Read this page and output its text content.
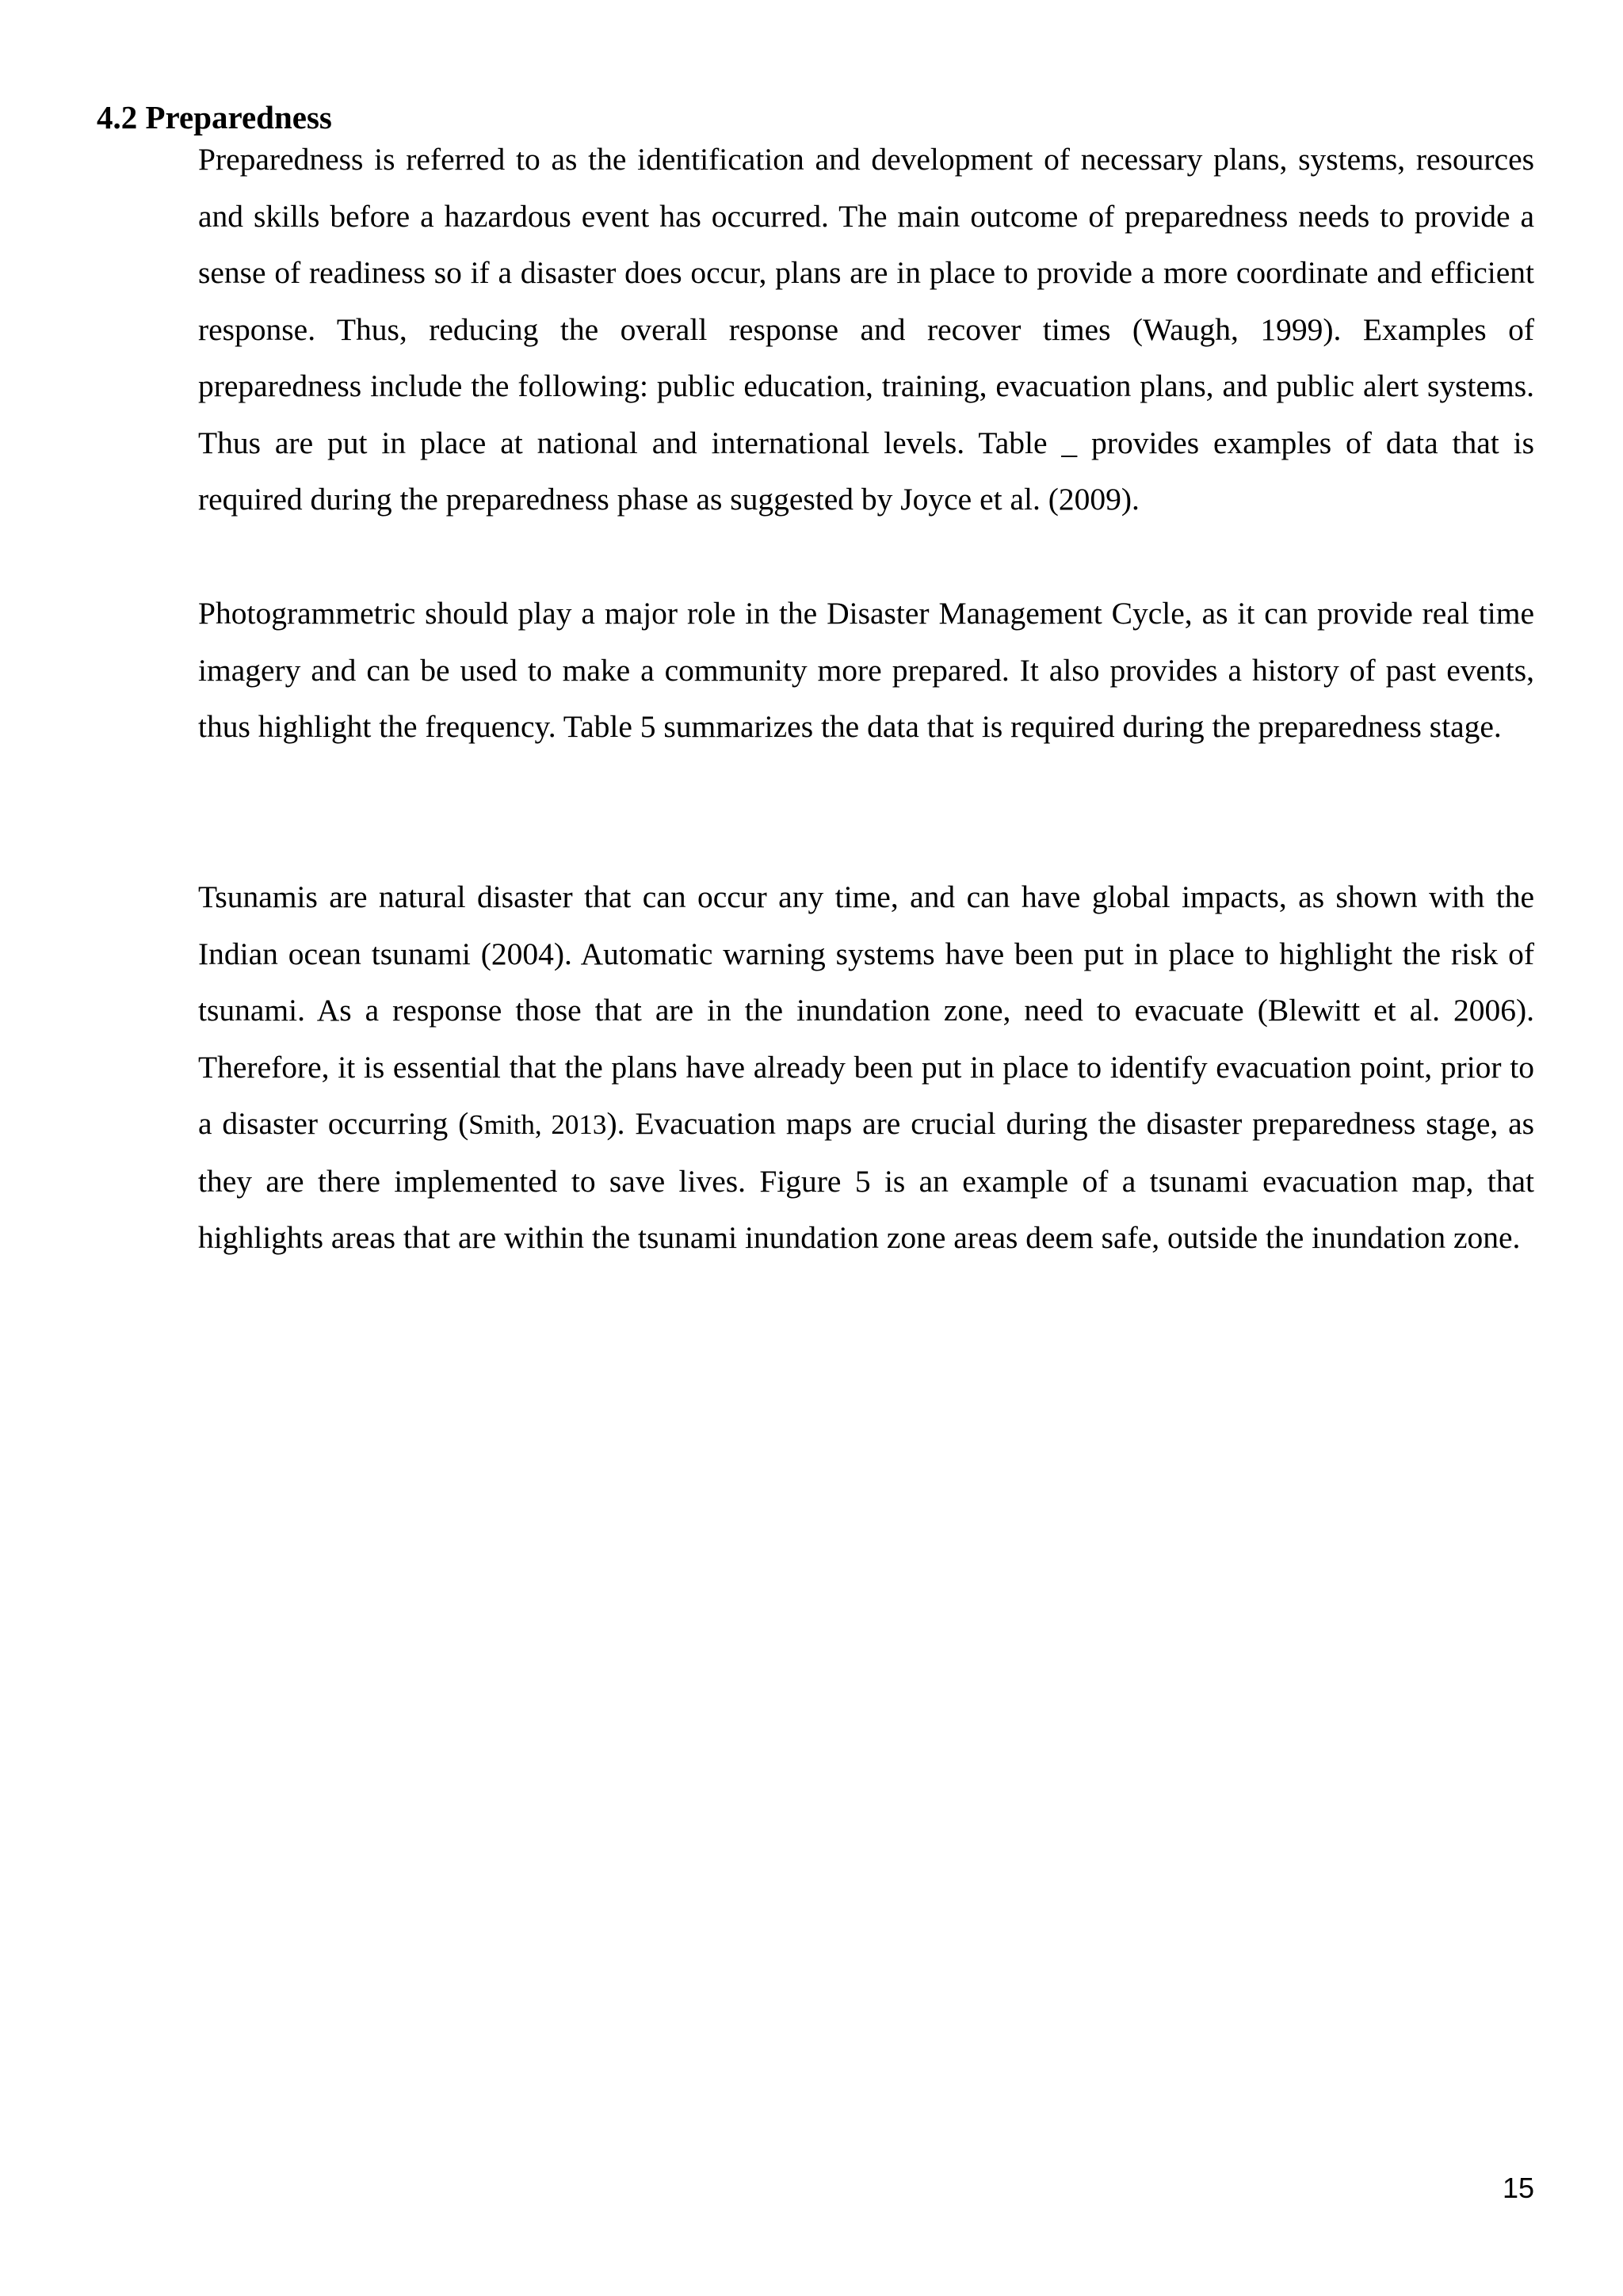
4.2 Preparedness

Preparedness is referred to as the identification and development of necessary plans, systems, resources and skills before a hazardous event has occurred. The main outcome of preparedness needs to provide a sense of readiness so if a disaster does occur, plans are in place to provide a more coordinate and efficient response. Thus, reducing the overall response and recover times (Waugh, 1999). Examples of preparedness include the following: public education, training, evacuation plans, and public alert systems. Thus are put in place at national and international levels. Table _ provides examples of data that is required during the preparedness phase as suggested by Joyce et al. (2009).

Photogrammetric should play a major role in the Disaster Management Cycle, as it can provide real time imagery and can be used to make a community more prepared. It also provides a history of past events, thus highlight the frequency. Table 5 summarizes the data that is required during the preparedness stage.

Tsunamis are natural disaster that can occur any time, and can have global impacts, as shown with the Indian ocean tsunami (2004). Automatic warning systems have been put in place to highlight the risk of tsunami. As a response those that are in the inundation zone, need to evacuate (Blewitt et al. 2006). Therefore, it is essential that the plans have already been put in place to identify evacuation point, prior to a disaster occurring (Smith, 2013). Evacuation maps are crucial during the disaster preparedness stage, as they are there implemented to save lives. Figure 5 is an example of a tsunami evacuation map, that highlights areas that are within the tsunami inundation zone areas deem safe, outside the inundation zone.

15
